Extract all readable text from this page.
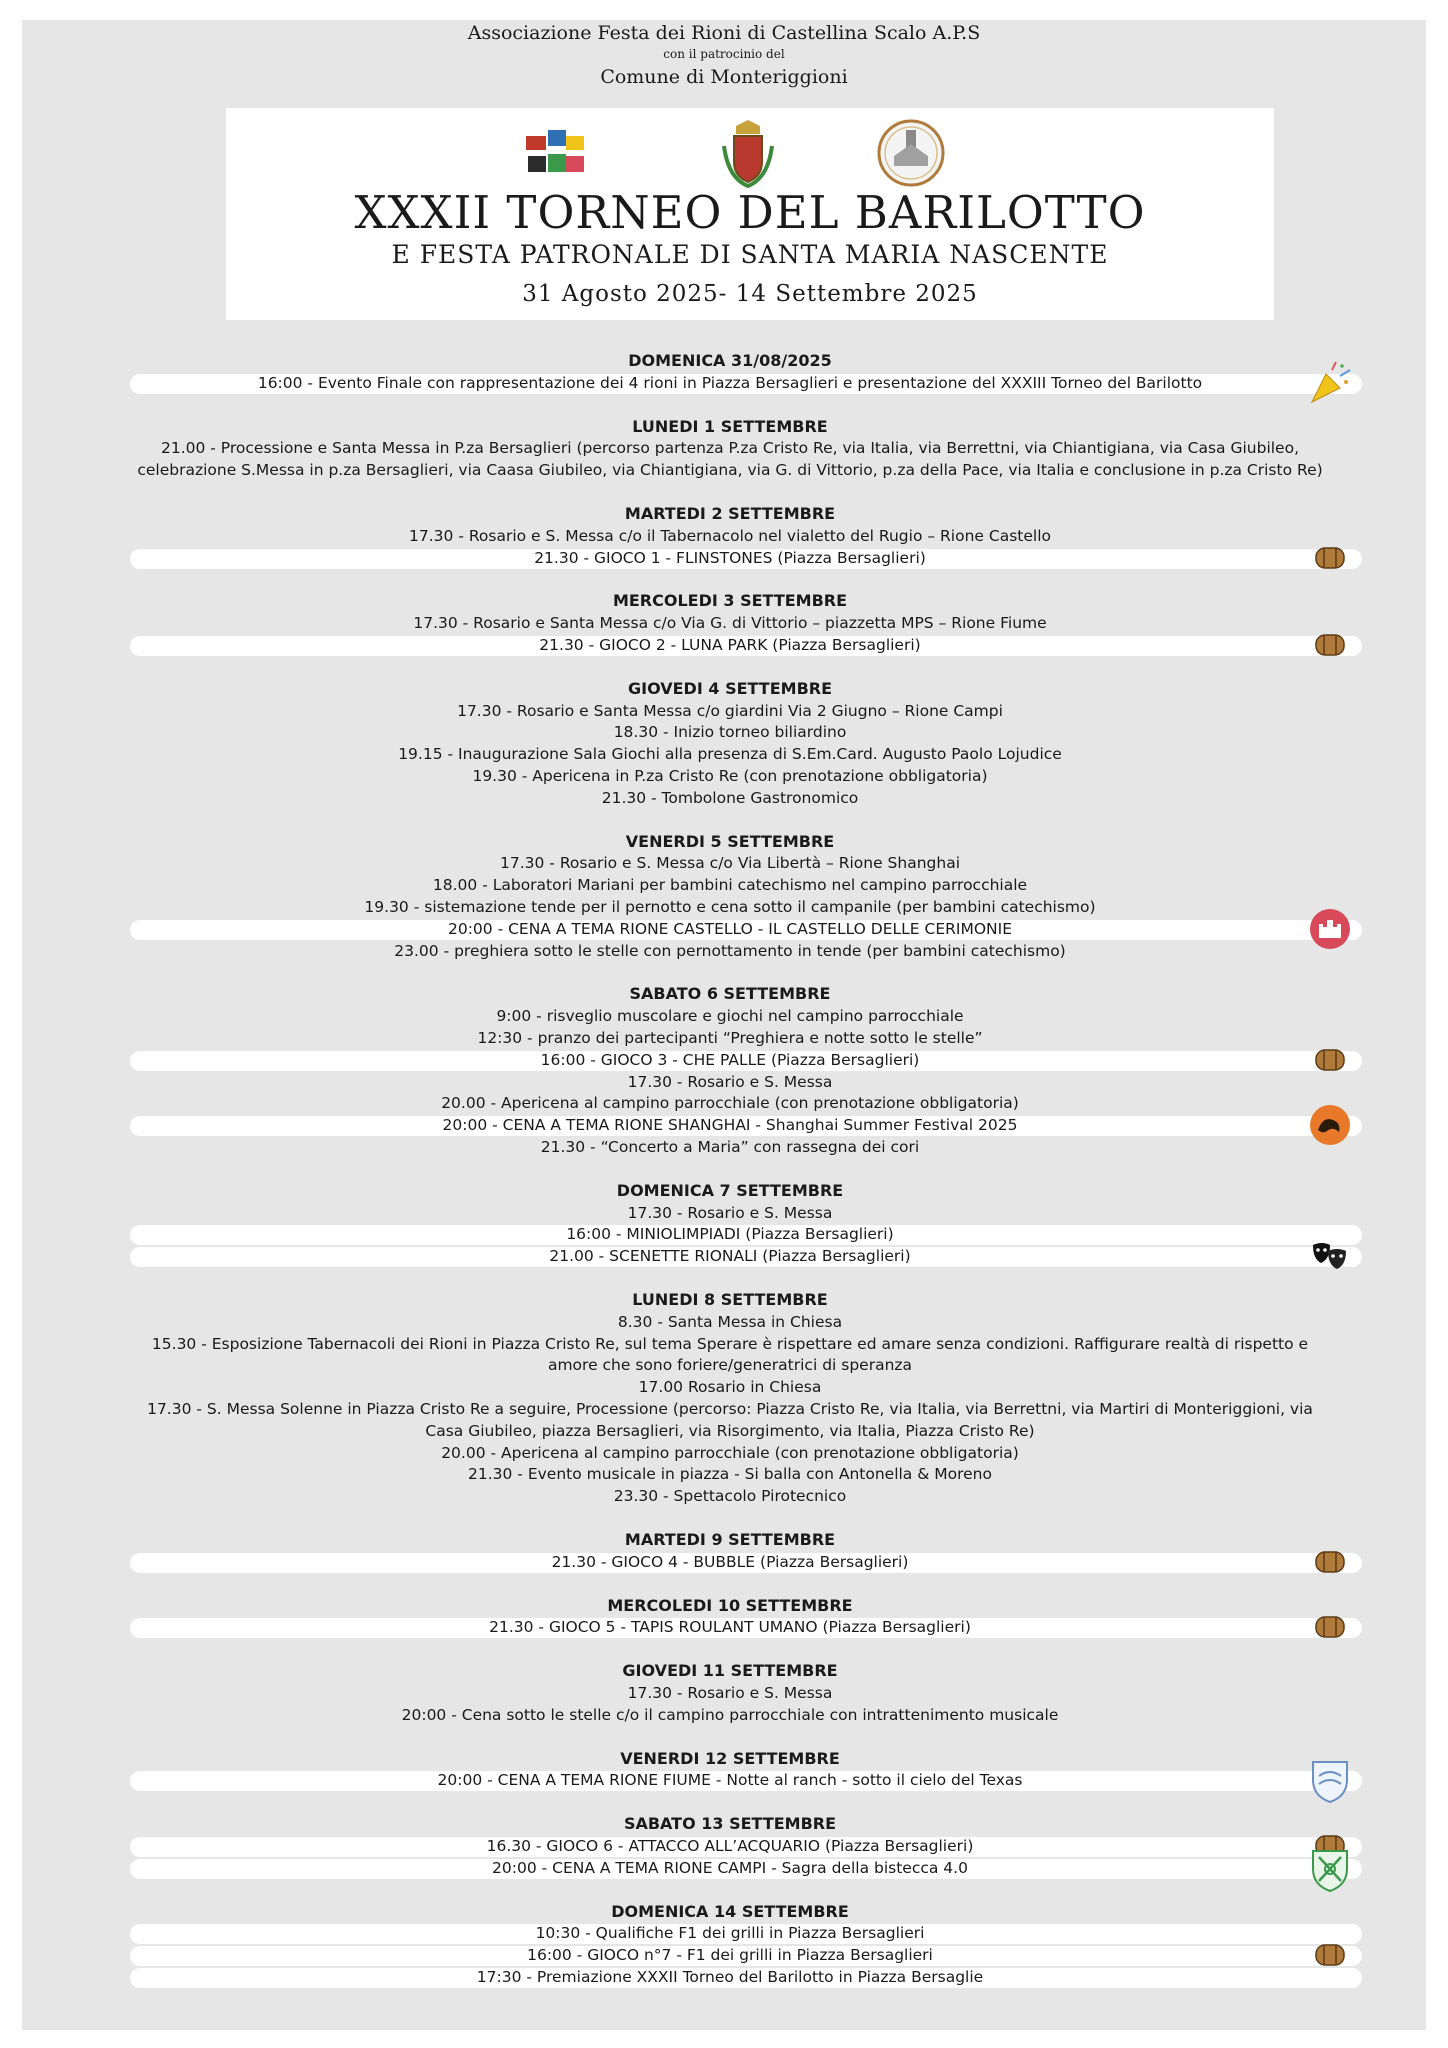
Associazione Festa dei Rioni di Castellina Scalo A.P.S
con il patrocinio del
Comune di Monteriggioni
XXXII TORNEO DEL BARILOTTO
E FESTA PATRONALE DI SANTA MARIA NASCENTE
31 Agosto 2025- 14 Settembre 2025
DOMENICA 31/08/2025
16:00 - Evento Finale con rappresentazione dei 4 rioni in Piazza Bersaglieri e presentazione del XXXIII Torneo del Barilotto
LUNEDI 1 SETTEMBRE
21.00 - Processione e Santa Messa in P.za Bersaglieri (percorso partenza P.za Cristo Re, via Italia, via Berrettni, via Chiantigiana, via Casa Giubileo,
celebrazione S.Messa in p.za Bersaglieri, via Caasa Giubileo, via Chiantigiana, via G. di Vittorio, p.za della Pace, via Italia e conclusione in p.za Cristo Re)
MARTEDI 2 SETTEMBRE
17.30 - Rosario e S. Messa c/o il Tabernacolo nel vialetto del Rugio – Rione Castello
21.30 - GIOCO 1 - FLINSTONES (Piazza Bersaglieri)
MERCOLEDI 3 SETTEMBRE
17.30 - Rosario e Santa Messa c/o Via G. di Vittorio – piazzetta MPS – Rione Fiume
21.30 - GIOCO 2 - LUNA PARK (Piazza Bersaglieri)
GIOVEDI 4 SETTEMBRE
17.30 - Rosario e Santa Messa c/o giardini Via 2 Giugno – Rione Campi
18.30 - Inizio torneo biliardino
19.15 - Inaugurazione Sala Giochi alla presenza di S.Em.Card. Augusto Paolo Lojudice
19.30 - Apericena in P.za Cristo Re (con prenotazione obbligatoria)
21.30 - Tombolone Gastronomico
VENERDI 5 SETTEMBRE
17.30 - Rosario e S. Messa c/o Via Libertà – Rione Shanghai
18.00 - Laboratori Mariani per bambini catechismo nel campino parrocchiale
19.30 - sistemazione tende per il pernotto e cena sotto il campanile (per bambini catechismo)
20:00 - CENA A TEMA RIONE CASTELLO - IL CASTELLO DELLE CERIMONIE
23.00 - preghiera sotto le stelle con pernottamento in tende (per bambini catechismo)
SABATO 6 SETTEMBRE
9:00 - risveglio muscolare e giochi nel campino parrocchiale
12:30 - pranzo dei partecipanti “Preghiera e notte sotto le stelle”
16:00 - GIOCO 3 - CHE PALLE (Piazza Bersaglieri)
17.30 - Rosario e S. Messa
20.00 - Apericena al campino parrocchiale (con prenotazione obbligatoria)
20:00 - CENA A TEMA RIONE SHANGHAI - Shanghai Summer Festival 2025
21.30 - “Concerto a Maria” con rassegna dei cori
DOMENICA 7 SETTEMBRE
17.30 - Rosario e S. Messa
16:00 - MINIOLIMPIADI (Piazza Bersaglieri)
21.00 - SCENETTE RIONALI (Piazza Bersaglieri)
LUNEDI 8 SETTEMBRE
8.30 - Santa Messa in Chiesa
15.30 - Esposizione Tabernacoli dei Rioni in Piazza Cristo Re, sul tema Sperare è rispettare ed amare senza condizioni. Raffigurare realtà di rispetto e
amore che sono foriere/generatrici di speranza
17.00 Rosario in Chiesa
17.30 - S. Messa Solenne in Piazza Cristo Re a seguire, Processione (percorso: Piazza Cristo Re, via Italia, via Berrettni, via Martiri di Monteriggioni, via
Casa Giubileo, piazza Bersaglieri, via Risorgimento, via Italia, Piazza Cristo Re)
20.00 - Apericena al campino parrocchiale (con prenotazione obbligatoria)
21.30 - Evento musicale in piazza - Si balla con Antonella & Moreno
23.30 - Spettacolo Pirotecnico
MARTEDI 9 SETTEMBRE
21.30 - GIOCO 4 - BUBBLE (Piazza Bersaglieri)
MERCOLEDI 10 SETTEMBRE
21.30 - GIOCO 5 - TAPIS ROULANT UMANO (Piazza Bersaglieri)
GIOVEDI 11 SETTEMBRE
17.30 - Rosario e S. Messa
20:00 - Cena sotto le stelle c/o il campino parrocchiale con intrattenimento musicale
VENERDI 12 SETTEMBRE
20:00 - CENA A TEMA RIONE FIUME - Notte al ranch - sotto il cielo del Texas
SABATO 13 SETTEMBRE
16.30 - GIOCO 6 - ATTACCO ALL’ACQUARIO (Piazza Bersaglieri)
20:00 - CENA A TEMA RIONE CAMPI - Sagra della bistecca 4.0
DOMENICA 14 SETTEMBRE
10:30 - Qualifiche F1 dei grilli in Piazza Bersaglieri
16:00 - GIOCO n°7 - F1 dei grilli in Piazza Bersaglieri
17:30 - Premiazione XXXII Torneo del Barilotto in Piazza Bersaglie
